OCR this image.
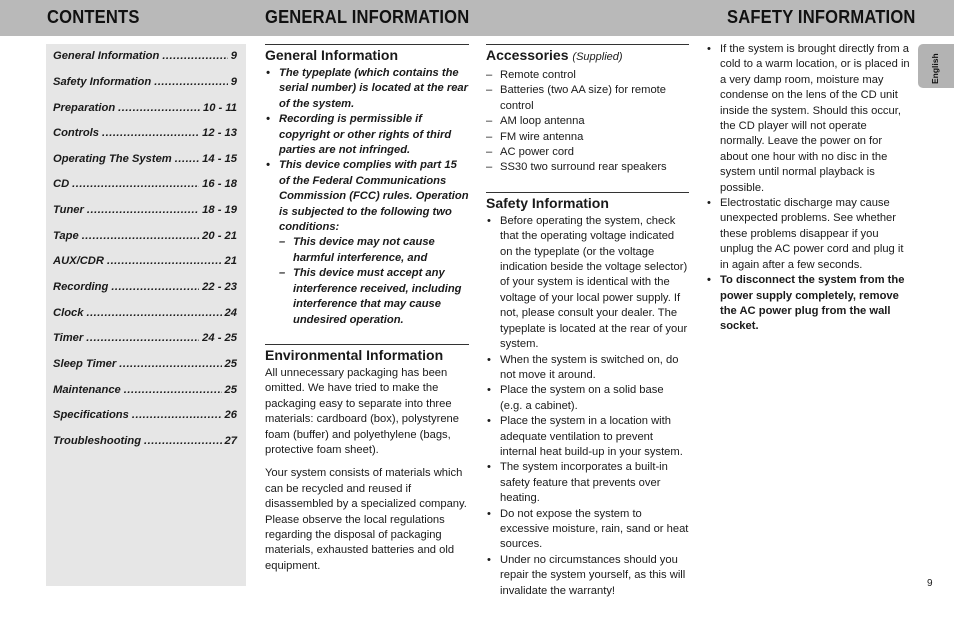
CONTENTS	GENERAL INFORMATION	SAFETY INFORMATION
General Information .....	9
Safety Information .....	9
Preparation .....	10 - 11
Controls .....	12 - 13
Operating The System .....	14 - 15
CD .....	16 - 18
Tuner .....	18 - 19
Tape .....	20 - 21
AUX/CDR .....	21
Recording .....	22 - 23
Clock .....	24
Timer .....	24 - 25
Sleep Timer .....	25
Maintenance .....	25
Specifications .....	26
Troubleshooting .....	27
General Information
• The typeplate (which contains the serial number) is located at the rear of the system.
• Recording is permissible if copyright or other rights of third parties are not infringed.
• This device complies with part 15 of the Federal Communications Commission (FCC) rules. Operation is subjected to the following two conditions:
– This device may not cause harmful interference, and
– This device must accept any interference received, including interference that may cause undesired operation.
Environmental Information

All unnecessary packaging has been omitted. We have tried to make the packaging easy to separate into three materials: cardboard (box), polystyrene foam (buffer) and polyethylene (bags, protective foam sheet).

Your system consists of materials which can be recycled and reused if disassembled by a specialized company. Please observe the local regulations regarding the disposal of packaging materials, exhausted batteries and old equipment.

Accessories (Supplied)
– Remote control
– Batteries (two AA size) for remote control
– AM loop antenna
– FM wire antenna
– AC power cord
– SS30 two surround rear speakers
Safety Information
• Before operating the system, check that the operating voltage indicated on the typeplate (or the voltage indication beside the voltage selector) of your system is identical with the voltage of your local power supply. If not, please consult your dealer. The typeplate is located at the rear of your system.
• When the system is switched on, do not move it around.
• Place the system on a solid base (e.g. a cabinet).
• Place the system in a location with adequate ventilation to prevent internal heat build-up in your system.
• The system incorporates a built-in safety feature that prevents over heating.
• Do not expose the system to excessive moisture, rain, sand or heat sources.
• Under no circumstances should you repair the system yourself, as this will invalidate the warranty!
• If the system is brought directly from a cold to a warm location, or is placed in a very damp room, moisture may condense on the lens of the CD unit inside the system. Should this occur, the CD player will not operate normally. Leave the power on for about one hour with no disc in the system until normal playback is possible.
• Electrostatic discharge may cause unexpected problems. See whether these problems disappear if you unplug the AC power cord and plug it in again after a few seconds.
• To disconnect the system from the power supply completely, remove the AC power plug from the wall socket.
English
9
